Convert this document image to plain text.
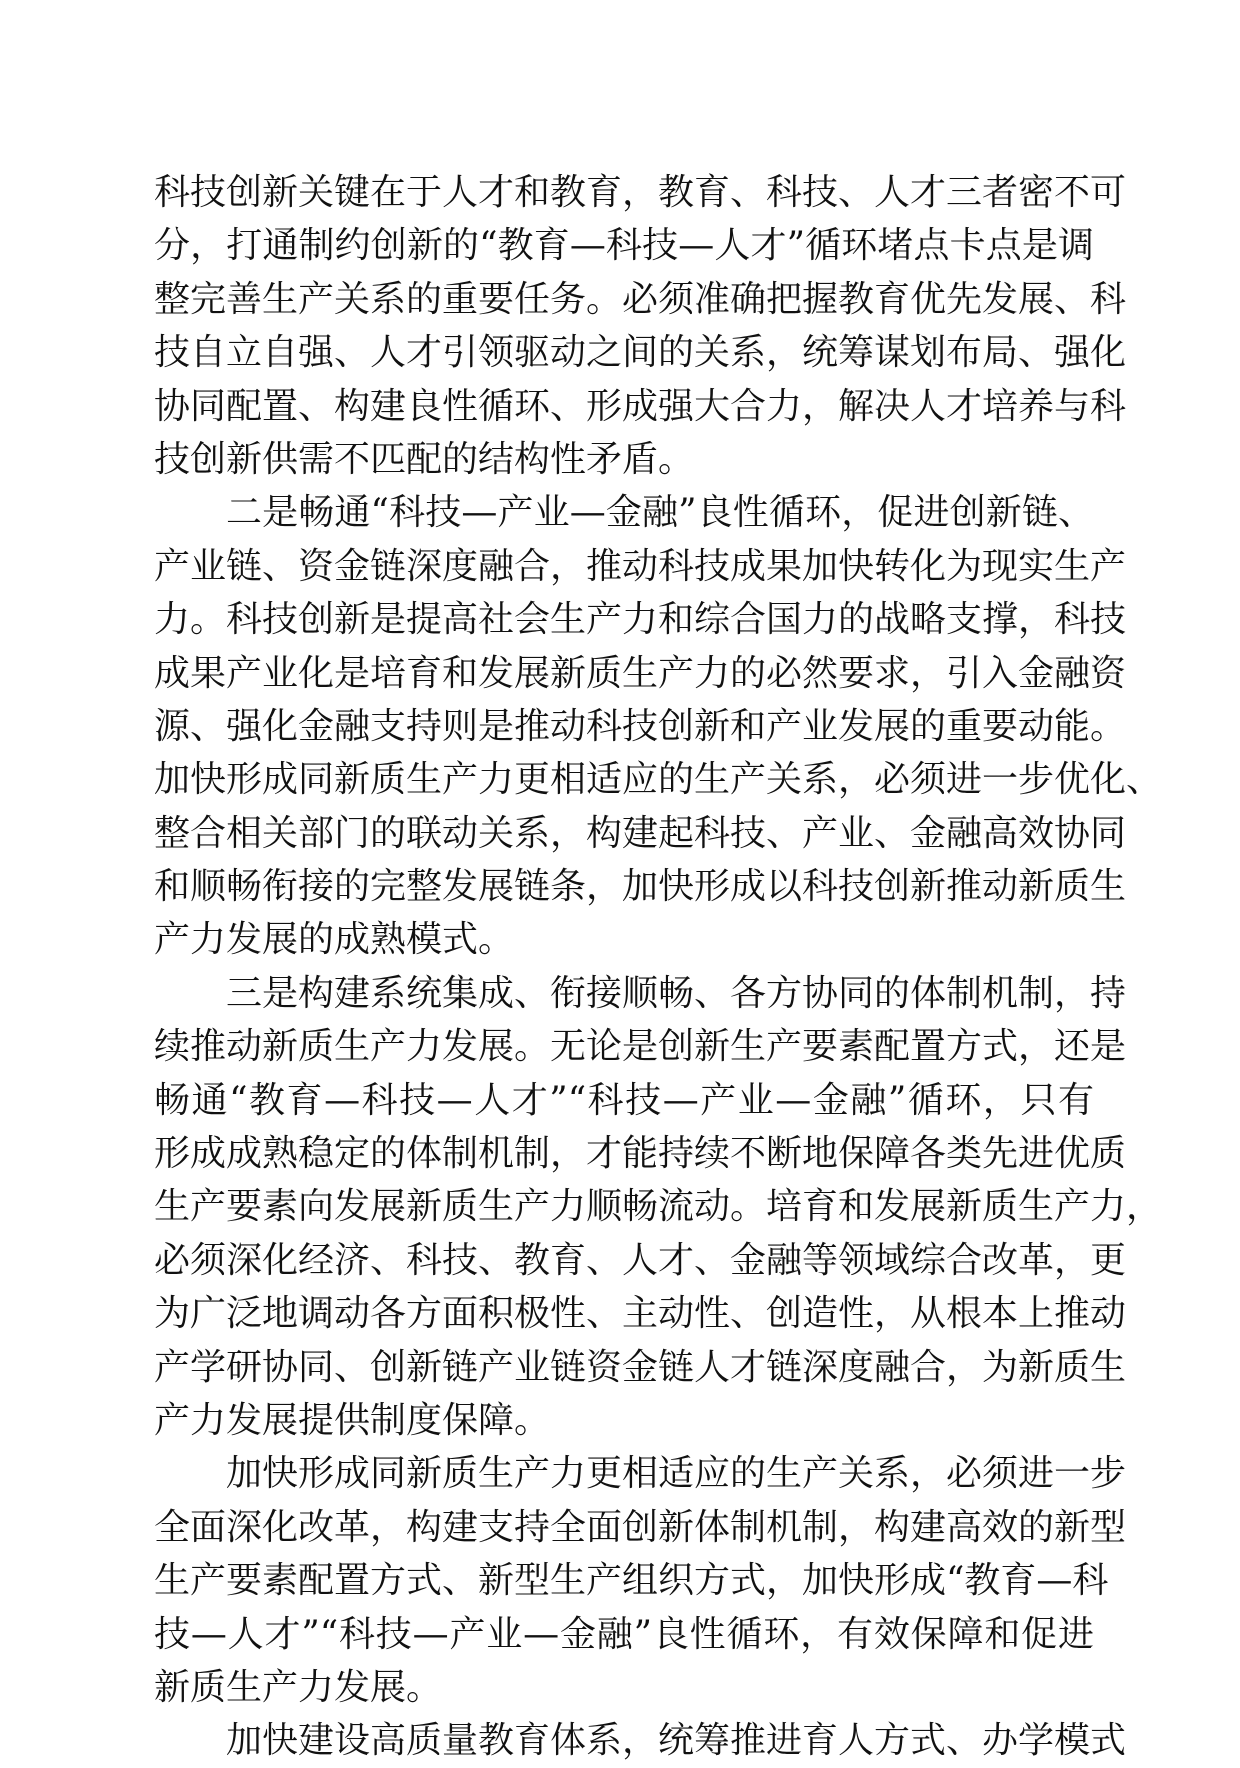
科技创新关键在于人才和教育，教育、科技、人才三者密不可
分，打通制约创新的“教育—科技—人才”循环堵点卡点是调
整完善生产关系的重要任务。必须准确把握教育优先发展、科
技自立自强、人才引领驱动之间的关系，统筹谋划布局、强化
协同配置、构建良性循环、形成强大合力，解决人才培养与科
技创新供需不匹配的结构性矛盾。
二是畅通“科技—产业—金融”良性循环，促进创新链、
产业链、资金链深度融合，推动科技成果加快转化为现实生产
力。科技创新是提高社会生产力和综合国力的战略支撑，科技
成果产业化是培育和发展新质生产力的必然要求，引入金融资
源、强化金融支持则是推动科技创新和产业发展的重要动能。
加快形成同新质生产力更相适应的生产关系，必须进一步优化、
整合相关部门的联动关系，构建起科技、产业、金融高效协同
和顺畅衔接的完整发展链条，加快形成以科技创新推动新质生
产力发展的成熟模式。
三是构建系统集成、衔接顺畅、各方协同的体制机制，持
续推动新质生产力发展。无论是创新生产要素配置方式，还是
畅通“教育—科技—人才”“科技—产业—金融”循环，只有
形成成熟稳定的体制机制，才能持续不断地保障各类先进优质
生产要素向发展新质生产力顺畅流动。培育和发展新质生产力，
必须深化经济、科技、教育、人才、金融等领域综合改革，更
为广泛地调动各方面积极性、主动性、创造性，从根本上推动
产学研协同、创新链产业链资金链人才链深度融合，为新质生
产力发展提供制度保障。
加快形成同新质生产力更相适应的生产关系，必须进一步
全面深化改革，构建支持全面创新体制机制，构建高效的新型
生产要素配置方式、新型生产组织方式，加快形成“教育—科
技—人才”“科技—产业—金融”良性循环，有效保障和促进
新质生产力发展。
加快建设高质量教育体系，统筹推进育人方式、办学模式
